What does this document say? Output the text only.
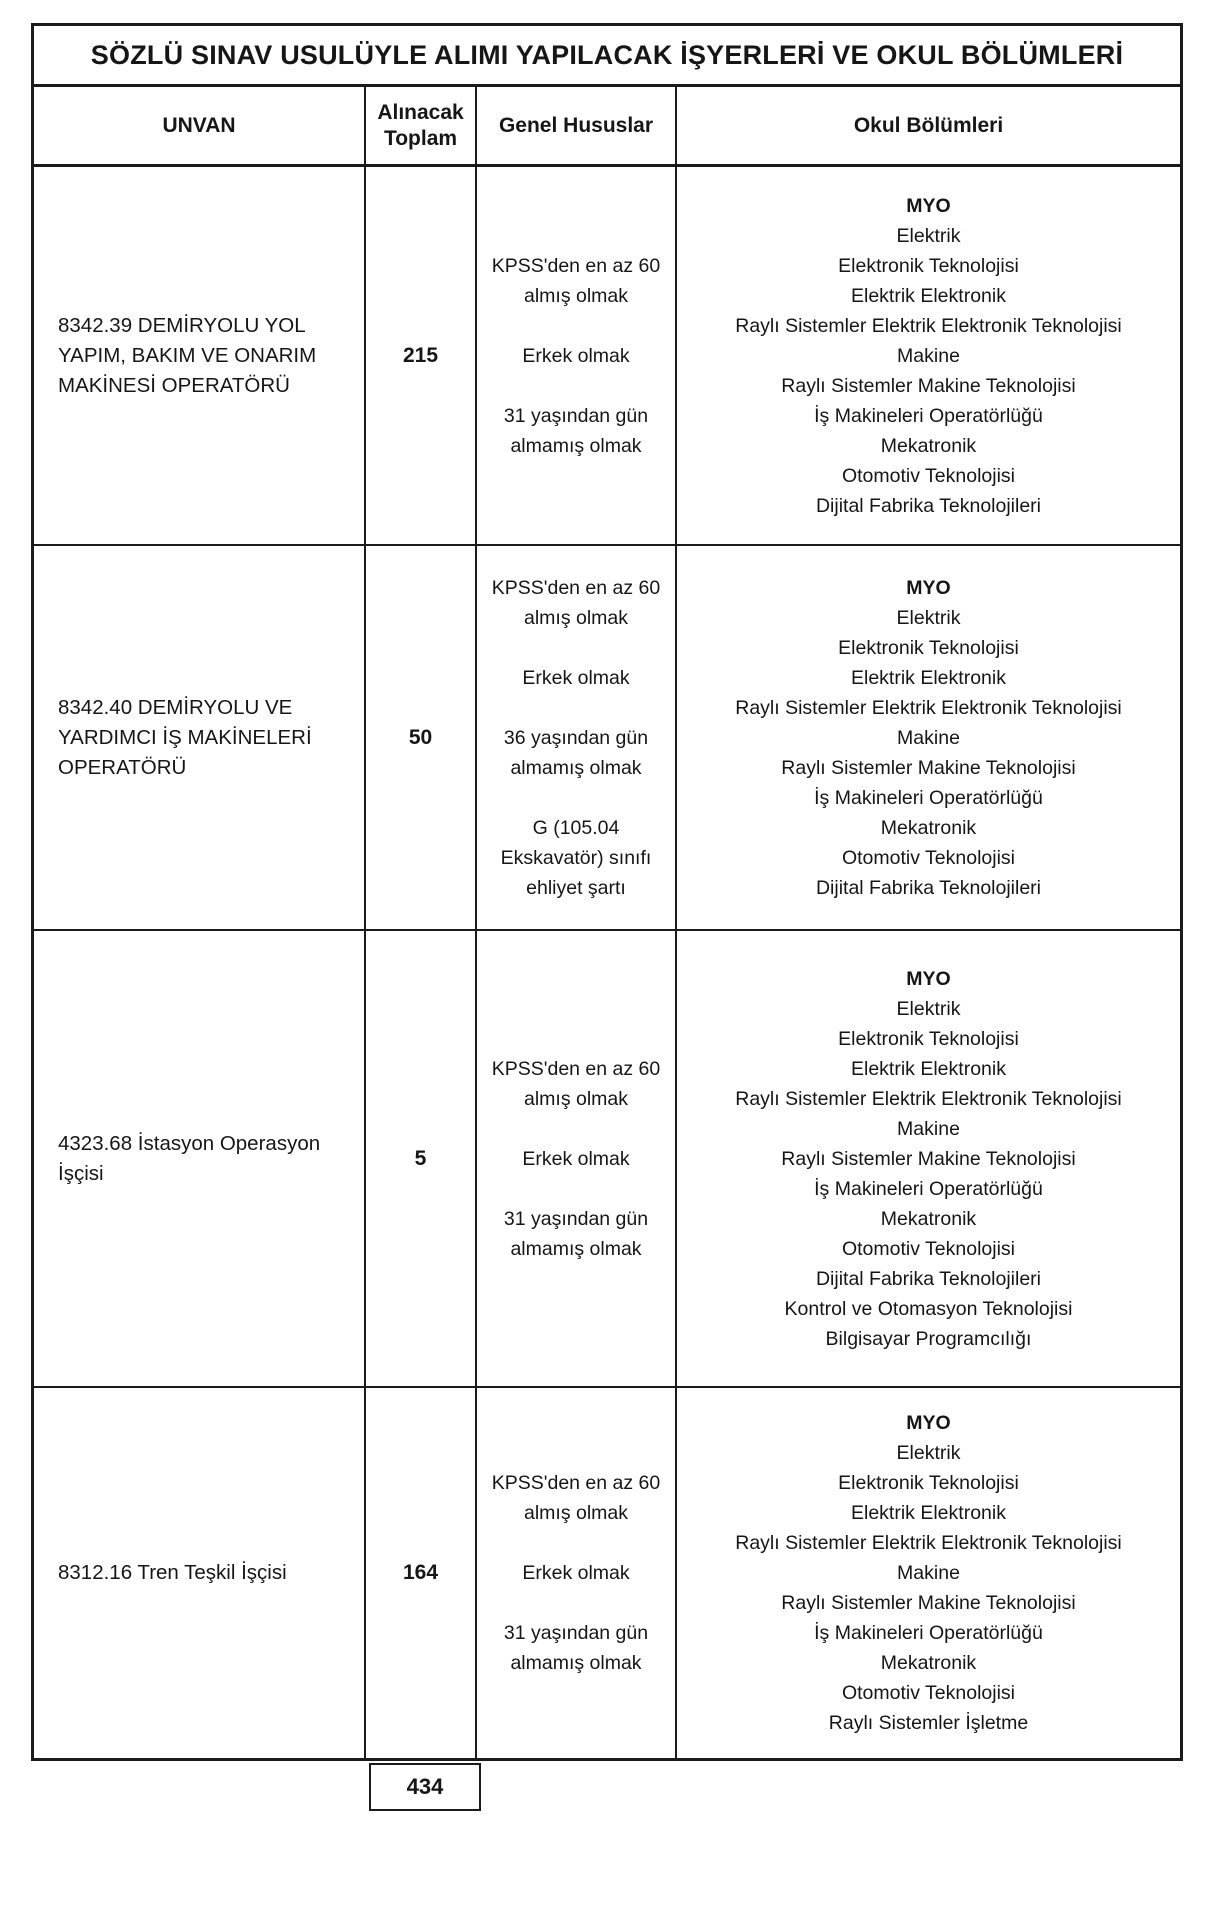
SÖZLÜ SINAV USULÜYLE ALIMI YAPILACAK İŞYERLERİ VE OKUL BÖLÜMLERİ
UNVAN
Alınacak Toplam
Genel Hususlar	Okul Bölümleri
8342.39 DEMİRYOLU YOL YAPIM, BAKIM VE ONARIM MAKİNESİ OPERATÖRÜ
215
KPSS'den en az 60 almış olmak
Erkek olmak
31 yaşından gün almamış olmak
MYO
Elektrik
Elektronik Teknolojisi
Elektrik Elektronik
Raylı Sistemler Elektrik Elektronik Teknolojisi
Makine
Raylı Sistemler Makine Teknolojisi
İş Makineleri Operatörlüğü
Mekatronik
Otomotiv Teknolojisi
Dijital Fabrika Teknolojileri
8342.40 DEMİRYOLU VE YARDIMCI İŞ MAKİNELERİ OPERATÖRÜ
50
KPSS'den en az 60 almış olmak
Erkek olmak
36 yaşından gün almamış olmak
G (105.04 Ekskavatör) sınıfı ehliyet şartı
MYO
Elektrik
Elektronik Teknolojisi
Elektrik Elektronik
Raylı Sistemler Elektrik Elektronik Teknolojisi
Makine
Raylı Sistemler Makine Teknolojisi
İş Makineleri Operatörlüğü
Mekatronik
Otomotiv Teknolojisi
Dijital Fabrika Teknolojileri
4323.68 İstasyon Operasyon İşçisi
5
KPSS'den en az 60 almış olmak
Erkek olmak
31 yaşından gün almamış olmak
MYO
Elektrik
Elektronik Teknolojisi
Elektrik Elektronik
Raylı Sistemler Elektrik Elektronik Teknolojisi
Makine
Raylı Sistemler Makine Teknolojisi
İş Makineleri Operatörlüğü
Mekatronik
Otomotiv Teknolojisi
Dijital Fabrika Teknolojileri
Kontrol ve Otomasyon Teknolojisi
Bilgisayar Programcılığı
8312.16 Tren Teşkil İşçisi	164
KPSS'den en az 60 almış olmak
Erkek olmak
31 yaşından gün almamış olmak
MYO
Elektrik
Elektronik Teknolojisi
Elektrik Elektronik
Raylı Sistemler Elektrik Elektronik Teknolojisi
Makine
Raylı Sistemler Makine Teknolojisi
İş Makineleri Operatörlüğü
Mekatronik
Otomotiv Teknolojisi
Raylı Sistemler İşletme
434
